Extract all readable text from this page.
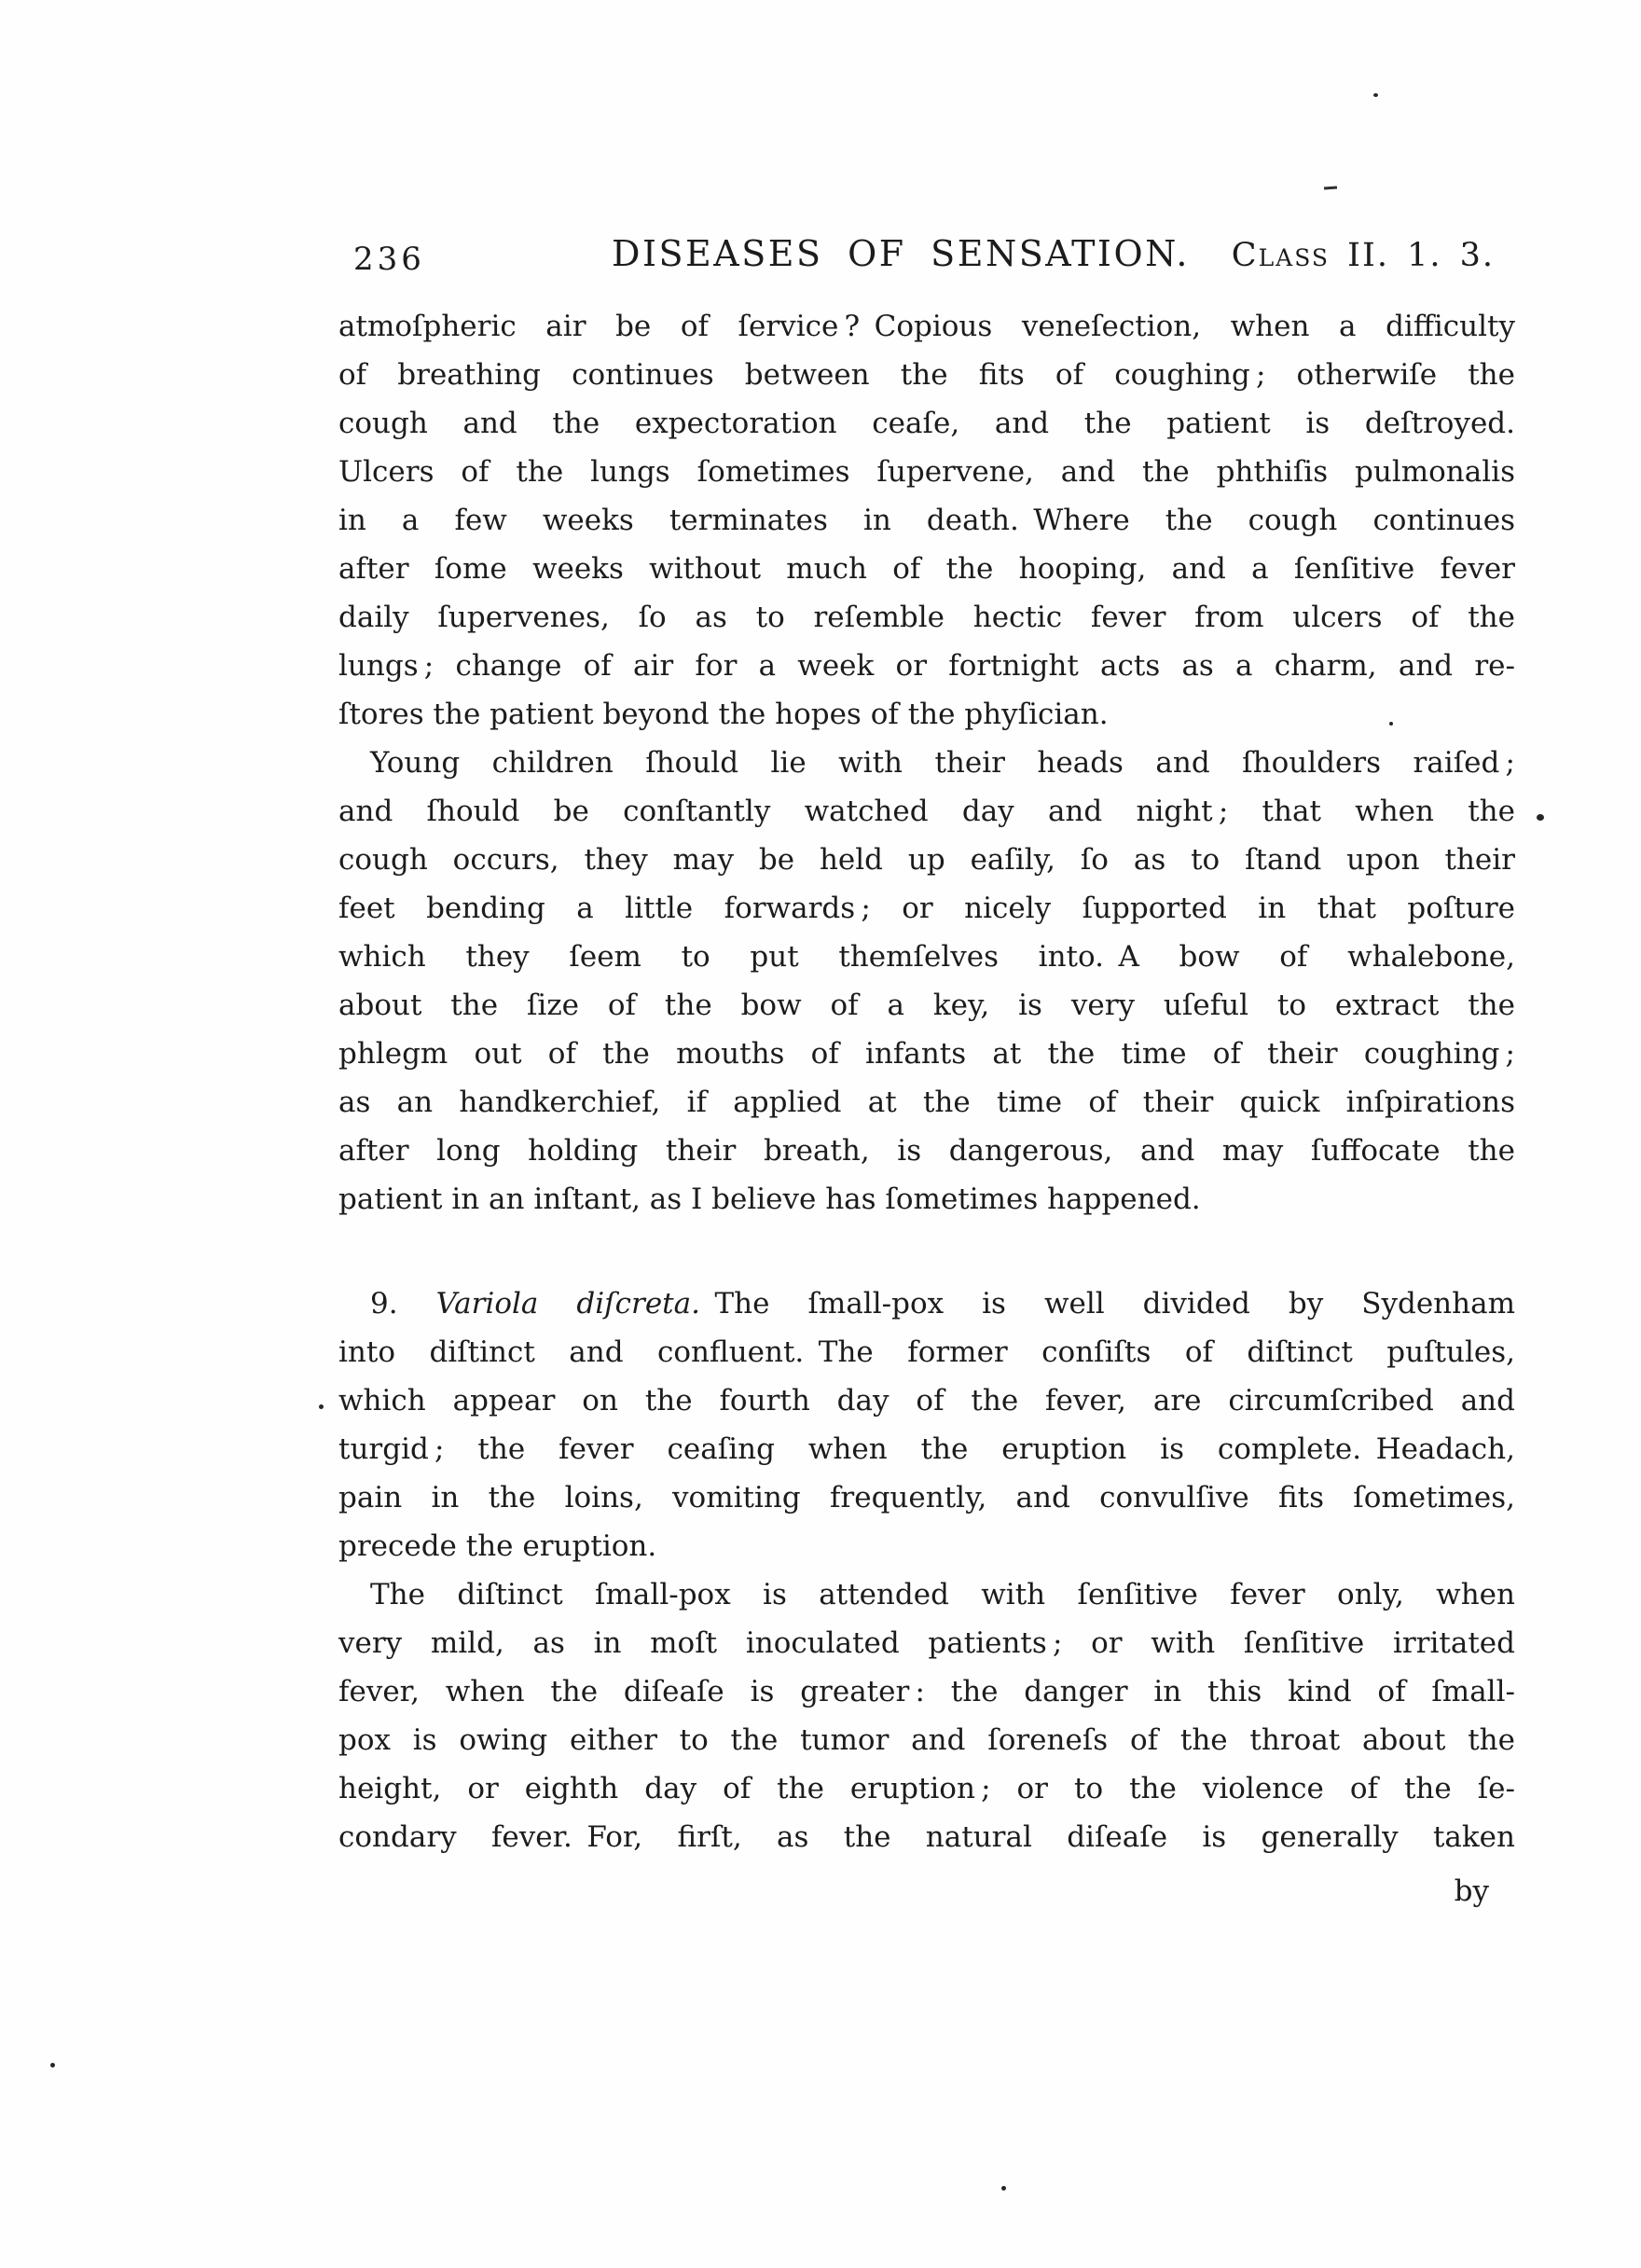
236	DISEASES OF SENSATION. Class II. 1. 3.
atmoſpheric air be of ſervice ? Copious veneſection, when a difficulty
of breathing continues between the fits of coughing ; otherwiſe the
cough and the expectoration ceaſe, and the patient is deſtroyed.
Ulcers of the lungs ſometimes ſupervene, and the phthiſis pulmonalis
in a few weeks terminates in death. Where the cough continues
after ſome weeks without much of the hooping, and a ſenſitive fever
daily ſupervenes, ſo as to reſemble hectic fever from ulcers of the
lungs ; change of air for a week or fortnight acts as a charm, and re-
ſtores the patient beyond the hopes of the phyſician.
Young children ſhould lie with their heads and ſhoulders raiſed ;
and ſhould be conſtantly watched day and night ; that when the
cough occurs, they may be held up eaſily, ſo as to ſtand upon their
feet bending a little forwards ; or nicely ſupported in that poſture
which they ſeem to put themſelves into. A bow of whalebone,
about the ſize of the bow of a key, is very uſeful to extract the
phlegm out of the mouths of infants at the time of their coughing ;
as an handkerchief, if applied at the time of their quick inſpirations
after long holding their breath, is dangerous, and may ſuffocate the
patient in an inſtant, as I believe has ſometimes happened.
9. Variola diſcreta. The ſmall-pox is well divided by Sydenham
into diſtinct and confluent. The former conſiſts of diſtinct puſtules,
which appear on the fourth day of the fever, are circumſcribed and
turgid ; the fever ceaſing when the eruption is complete. Headach,
pain in the loins, vomiting frequently, and convulſive fits ſometimes,
precede the eruption.
The diſtinct ſmall-pox is attended with ſenſitive fever only, when
very mild, as in moſt inoculated patients ; or with ſenſitive irritated
fever, when the diſeaſe is greater : the danger in this kind of ſmall-
pox is owing either to the tumor and ſoreneſs of the throat about the
height, or eighth day of the eruption ; or to the violence of the ſe-
condary fever. For, firſt, as the natural diſeaſe is generally taken
by
